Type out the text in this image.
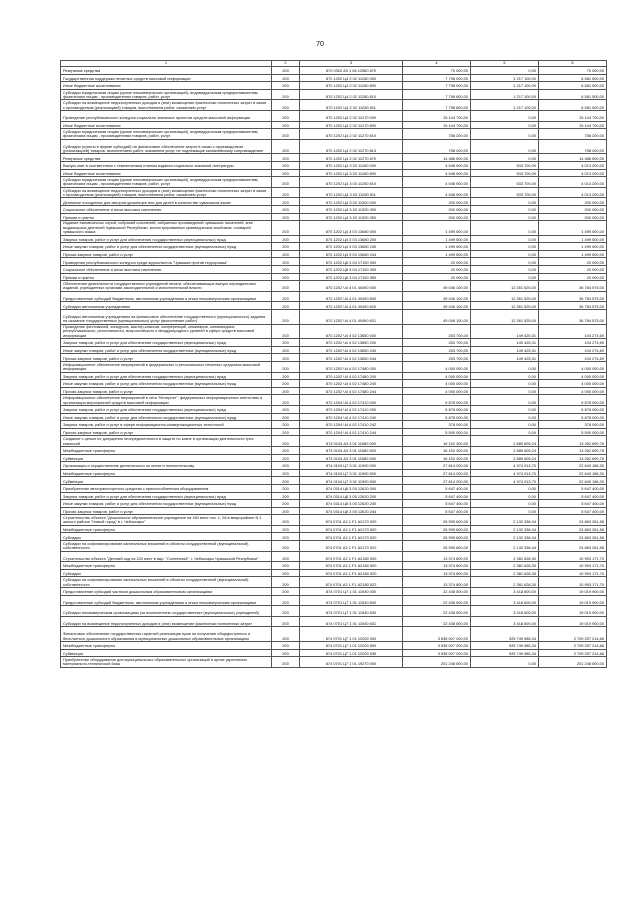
70
1	2	3	4	5	6
Резервные средства	200	870 0302 А3 1 06 12580 870	70 000,00	0,00	70 000,00
Государственная поддержка печатных средств массовой информации	200	870 1202 Ц4 2 02 11280 000	7 798 000,00	1 217 100,00	6 581 500,00
Иные бюджетные ассигнования	200	870 1202 Ц4 2 02 11280 800	7 798 000,00	1 217 100,00	6 581 500,00
Субсидии юридическим лицам (кроме некоммерческих организаций), индивидуальным предпринимателям, физическим лицам - производителям товаров, работ, услуг	200	870 1202 Ц4 2 02 11280 810	7 798 600,00	1 217 100,00	6 581 500,00
Субсидии на возмещение недополученных доходов и (или) возмещение фактически понесенных затрат в связи с производством (реализацией) товаров, выполнением работ, оказанием услуг	200	870 1202 Ц4 2 02 11280 811	7 798 600,00	1 217 100,00	6 581 500,00
Проведение республиканского конкурса социально значимых проектов средств массовой информации	200	870 1202 Ц4 2 02 11270 000	15 144 700,00	0,00	15 144 700,00
Иные бюджетные ассигнования	200	870 1202 Ц4 2 02 11270 800	15 144 700,00	0,00	15 144 700,00
Субсидии юридическим лицам (кроме некоммерческих организаций), индивидуальным предпринимателям, физическим лицам - производителям товаров, работ, услуг	200	870 1202 Ц4 2 02 11270 810	758 200,00	0,00	758 200,00
Субсидии (гранты в форме субсидий) на финансовое обеспечение затрат в связи с производством (реализацией) товаров, выполнением работ, оказанием услуг, не подлежащие казначейскому сопровождению	200	870 1202 Ц4 2 02 11270 813	758 200,00	0,00	758 200,00
Резервные средства	200	870 1202 Ц4 2 02 11270 870	14 386 500,00	0,00	14 386 500,00
Выпуск книг в соответствии с тематическим планом издания социально значимой литературы	200	870 1202 Ц4 3 03 11260 000	4 546 900,00	533 700,00	4 013 200,00
Иные бюджетные ассигнования	200	870 1202 Ц4 3 03 11260 800	4 546 900,00	533 700,00	4 013 200,00
Субсидии юридическим лицам (кроме некоммерческих организаций), индивидуальным предпринимателям, физическим лицам - производителям товаров, работ, услуг	200	870 1202 Ц4 3 03 11260 810	4 546 900,00	533 700,00	4 013 200,00
Субсидии на возмещение недополученных доходов и (или) возмещение фактически понесенных затрат в связи с производством (реализацией) товаров, выполнением работ, оказанием услуг	200	870 1202 Ц4 3 03 11260 811	4 546 900,00	533 700,00	4 013 200,00
Денежное поощрение для авторов-уроженцев или для детей в количестве чувашском языке	200	870 1202 Ц4 3 03 11300 000	200 000,00	0,00	200 000,00
Социальное обеспечение и иные выплаты населению	200	870 1202 Ц4 3 03 11300 300	200 000,00	0,00	200 000,00
Премии и гранты	200	870 1202 Ц4 3 03 11300 350	200 000,00	0,00	200 000,00
Издание ежемесячных серий, собраний сочинений, избранных произведений чувашских писателей, книг выдающихся деятелей Чувашской Республики, иллюстрированных краеведческих альбомов, словарей чувашского языка	200	870 1202 Ц4 3 03 13680 000	1 499 500,00	0,00	1 499 500,00
Закупка товаров, работ и услуг для обеспечения государственных (муниципальных) нужд	200	870 1202 Ц4 3 03 13680 200	1 499 500,00	0,00	1 499 500,00
Иные закупки товаров, работ и услуг для обеспечения государственных (муниципальных) нужд	200	870 1202 Ц4 3 03 13680 240	1 499 500,00	0,00	1 499 500,00
Прочая закупка товаров, работ и услуг	200	870 1202 Ц4 3 03 13680 244	1 499 500,00	0,00	1 499 500,00
Проведение республиканского конкурса среди журналистов "Чувашия против терроризма"	200	870 1202 Ц8 3 04 17150 000	20 000,00	0,00	20 000,00
Социальное обеспечение и иные выплаты населению	200	870 1202 Ц8 3 04 17150 300	20 000,00	0,00	20 000,00
Премии и гранты	200	870 1202 Ц8 3 04 17150 350	20 000,00	0,00	20 000,00
Обеспечение деятельности государственных учреждений печати, обеспечивающих выпуск периодических изданий, учрежденных органами законодательной и исполнительной власти	200	870 1202 Ч4 4 01 40490 000	49 046 100,00	12 261 525,00	36 784 575,00
Предоставление субсидий бюджетным, автономным учреждениям и иным некоммерческим организациям	200	870 1202 Ч4 4 01 40490 600	49 046 100,00	12 261 525,00	36 784 575,00
Субсидии автономным учреждениям	200	870 1202 Ч4 4 01 40490 620	49 046 100,00	12 261 525,00	36 784 575,00
Субсидии автономным учреждениям на финансовое обеспечение государственного (муниципального) задания на оказание государственных (муниципальных) услуг (выполнение работ)	200	870 1202 Ч4 4 01 40490 621	49 046 100,00	12 261 525,00	36 784 575,00
Проведение фестивалей, конкурсов, мастер-классов, конференций, семинаров, олимпиадных республиканского, регионального, всероссийского и международного уровней в сфере средств массовой информации	200	870 1202 Ч4 4 02 13650 000	253 700,00	149 425,31	104 274,69
Закупка товаров, работ и услуг для обеспечения государственных (муниципальных) нужд	200	870 1202 Ч4 4 02 13650 200	253 700,00	149 425,31	104 274,69
Иные закупки товаров, работ и услуг для обеспечения государственных (муниципальных) нужд	200	870 1202 Ч4 4 02 13650 240	253 700,00	149 425,31	104 274,69
Прочая закупка товаров, работ и услуг	200	870 1202 Ч4 4 02 13650 244	253 700,00	149 425,31	104 274,69
Информационное обеспечение мероприятий в федеральных и региональных печатных средствах массовой информации	200	870 1202 Ч4 4 02 17480 000	4 000 000,00	0,00	4 000 000,00
Закупка товаров, работ и услуг для обеспечения государственных (муниципальных) нужд	200	870 1202 Ч4 4 02 17480 200	4 000 000,00	0,00	4 000 000,00
Иные закупки товаров, работ и услуг для обеспечения государственных (муниципальных) нужд	200	870 1202 Ч4 4 02 17480 240	4 000 000,00	0,00	4 000 000,00
Прочая закупка товаров, работ и услуг	200	870 1202 Ч4 4 02 17480 244	4 000 000,00	0,00	4 000 000,00
Информационное обеспечение мероприятий в сети "Интернет", федеральных информационных агентствах и организация мероприятий средств массовой информации	200	870 1204 Ч4 4 02 17410 000	5 878 000,00	0,00	5 878 000,00
Закупка товаров, работ и услуг для обеспечения государственных (муниципальных) нужд	200	870 1204 Ч4 4 02 17410 200	5 878 000,00	0,00	5 878 000,00
Иные закупки товаров, работ и услуг для обеспечения государственных (муниципальных) нужд	200	870 1204 Ч4 4 02 17410 240	5 878 000,00	0,00	5 878 000,00
Закупка товаров, работ и услуг в сфере информационно-коммуникационных технологий	200	870 1204 Ч4 4 02 17410 242	378 000,00	0,00	378 000,00
Прочая закупка товаров, работ и услуг	200	870 1204 Ч4 4 02 17410 244	5 500 000,00	0,00	5 500 000,00
Создание с целью не допущения неопределенности в защите по казне в организации деятельности трех комиссий	200	874 0104 А3 3 01 11680 000	16 152 300,00	2 889 609,24	13 262 690,76
Межбюджетные трансферты	200	874 0104 А3 3 01 11680 500	16 152 300,00	2 889 609,24	13 262 690,76
Субвенции	200	874 0104 А3 3 01 11680 530	16 152 300,00	2 889 609,24	13 262 690,76
Организация и осуществление деятельности по опеке и попечительству	200	874 0104 Ц7 3 01 11990 000	27 614 200,00	4 974 013,70	22 640 186,30
Межбюджетные трансферты	200	874 0104 Ц7 3 01 11990 500	27 614 200,00	4 974 013,70	22 640 186,30
Субвенции	200	874 0104 Ц7 3 01 11990 530	27 614 200,00	4 974 013,70	22 640 186,30
Приобретение автотранспортного средства с приспособленным оборудованием	200	874 0314 Ц8 3 05 12620 000	5 647 400,00	0,00	5 647 400,00
Закупка товаров, работ и услуг для обеспечения государственных (муниципальных) нужд	200	874 0314 Ц8 3 05 12620 200	5 647 400,00	0,00	5 647 400,00
Иные закупки товаров, работ и услуг для обеспечения государственных (муниципальных) нужд	200	874 0314 Ц8 3 05 12620 240	5 647 400,00	0,00	5 647 400,00
Прочая закупка товаров, работ и услуг	200	874 0314 Ц8 3 05 12620 244	5 647 400,00	0,00	5 647 400,00
Строительство объекта "Дошкольное образовательное учреждение на 160 мест поз. 1, 28 в микрорайоне N 1 жилого района "Новый город" в г. Чебоксары"	200	874 0701 А2 1 F1 А2170 000	26 995 600,00	2 132 338,44	24 863 261,56
Межбюджетные трансферты	200	874 0701 А2 1 F1 А2170 500	26 995 600,00	2 132 338,44	24 863 261,56
Субсидии	200	874 0701 А2 1 F1 А2170 520	26 995 600,00	2 132 338,44	24 863 261,56
Субсидии на софинансирование капитальных вложений в объекты государственной (муниципальной) собственности	200	874 0701 А2 1 F1 А2170 522	26 995 600,00	2 132 338,44	24 863 261,56
Строительство объекта "Детский сад на 220 мест в мкр. "Солнечный", г. Чебоксары Чувашской Республики"	200	874 0701 А2 1 F1 А2180 000	13 374 800,00	2 381 628,30	10 993 171,70
Межбюджетные трансферты	200	874 0701 А2 1 F1 А2180 500	13 374 800,00	2 381 628,30	10 993 171,70
Субсидии	200	874 0701 А2 1 F1 А2180 520	13 374 800,00	2 381 628,30	10 993 171,70
Субсидии на софинансирование капитальных вложений в объекты государственной (муниципальной) собственности	200	874 0701 А2 1 F1 А2180 522	13 374 800,00	2 381 628,30	10 993 171,70
Предоставление субсидий частным дошкольным образовательным организациям	200	874 0701 Ц7 1 01 11540 000	22 438 500,00	3 418 600,00	19 019 900,00
Предоставление субсидий бюджетным, автономным учреждениям и иным некоммерческим организациям	200	874 0701 Ц7 1 01 11540 600	22 438 500,00	3 418 600,00	19 019 900,00
Субсидии некоммерческим организациям (за исключением государственных (муниципальных) учреждений)	200	874 0701 Ц7 1 01 11540 630	22 438 500,00	3 418 600,00	19 019 900,00
Субсидии на возмещение недополученных доходов и (или) возмещение фактически понесенных затрат	200	874 0701 Ц7 1 01 11540 631	22 438 500,00	3 418 600,00	19 019 900,00
Финансовое обеспечение государственных гарантий реализации прав на получение общедоступного и бесплатного дошкольного образования в муниципальных дошкольных образовательных организациях	200	874 0701 Ц7 1 01 12000 000	3 635 007 200,00	925 749 985,34	2 709 257 214,66
Межбюджетные трансферты	200	874 0701 Ц7 1 01 12000 500	3 635 007 200,00	925 749 985,34	2 709 257 214,66
Субвенции	200	874 0701 Ц7 1 01 12000 530	3 635 007 200,00	925 749 985,34	2 709 257 214,66
Приобретение оборудования для муниципальных образовательных организаций в целях укрепления материально-технической базы	200	874 0701 Ц7 1 01 19270 000	201 248 500,00	0,00	201 248 500,00
